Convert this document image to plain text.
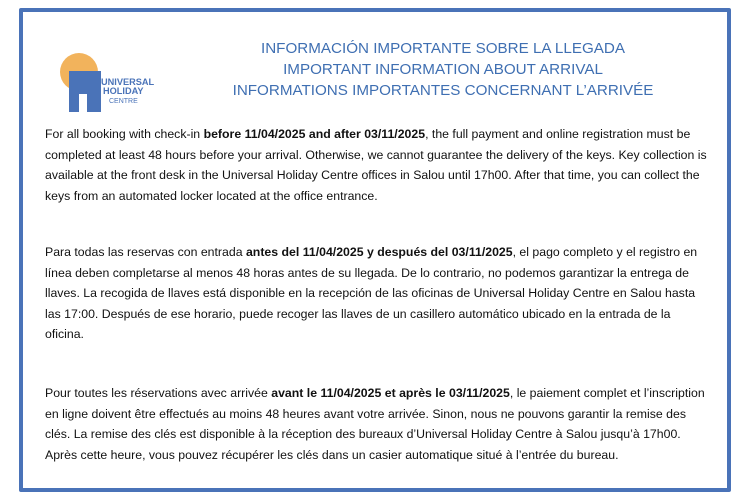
UNIVERSAL
HOLIDAY
CENTRE
INFORMACIÓN IMPORTANTE SOBRE LA LLEGADA
IMPORTANT INFORMATION ABOUT ARRIVAL
INFORMATIONS IMPORTANTES CONCERNANT L’ARRIVÉE
For all booking with check-in before 11/04/2025 and after 03/11/2025, the full payment and online registration must be completed at least 48 hours before your arrival. Otherwise, we cannot guarantee the delivery of the keys. Key collection is available at the front desk in the Universal Holiday Centre offices in Salou until 17h00. After that time, you can collect the keys from an automated locker located at the office entrance.
Para todas las reservas con entrada antes del 11/04/2025 y después del 03/11/2025, el pago completo y el registro en línea deben completarse al menos 48 horas antes de su llegada. De lo contrario, no podemos garantizar la entrega de llaves. La recogida de llaves está disponible en la recepción de las oficinas de Universal Holiday Centre en Salou hasta las 17:00. Después de ese horario, puede recoger las llaves de un casillero automático ubicado en la entrada de la oficina.
Pour toutes les réservations avec arrivée avant le 11/04/2025 et après le 03/11/2025, le paiement complet et l’inscription en ligne doivent être effectués au moins 48 heures avant votre arrivée. Sinon, nous ne pouvons garantir la remise des clés. La remise des clés est disponible à la réception des bureaux d’Universal Holiday Centre à Salou jusqu’à 17h00. Après cette heure, vous pouvez récupérer les clés dans un casier automatique situé à l’entrée du bureau.
